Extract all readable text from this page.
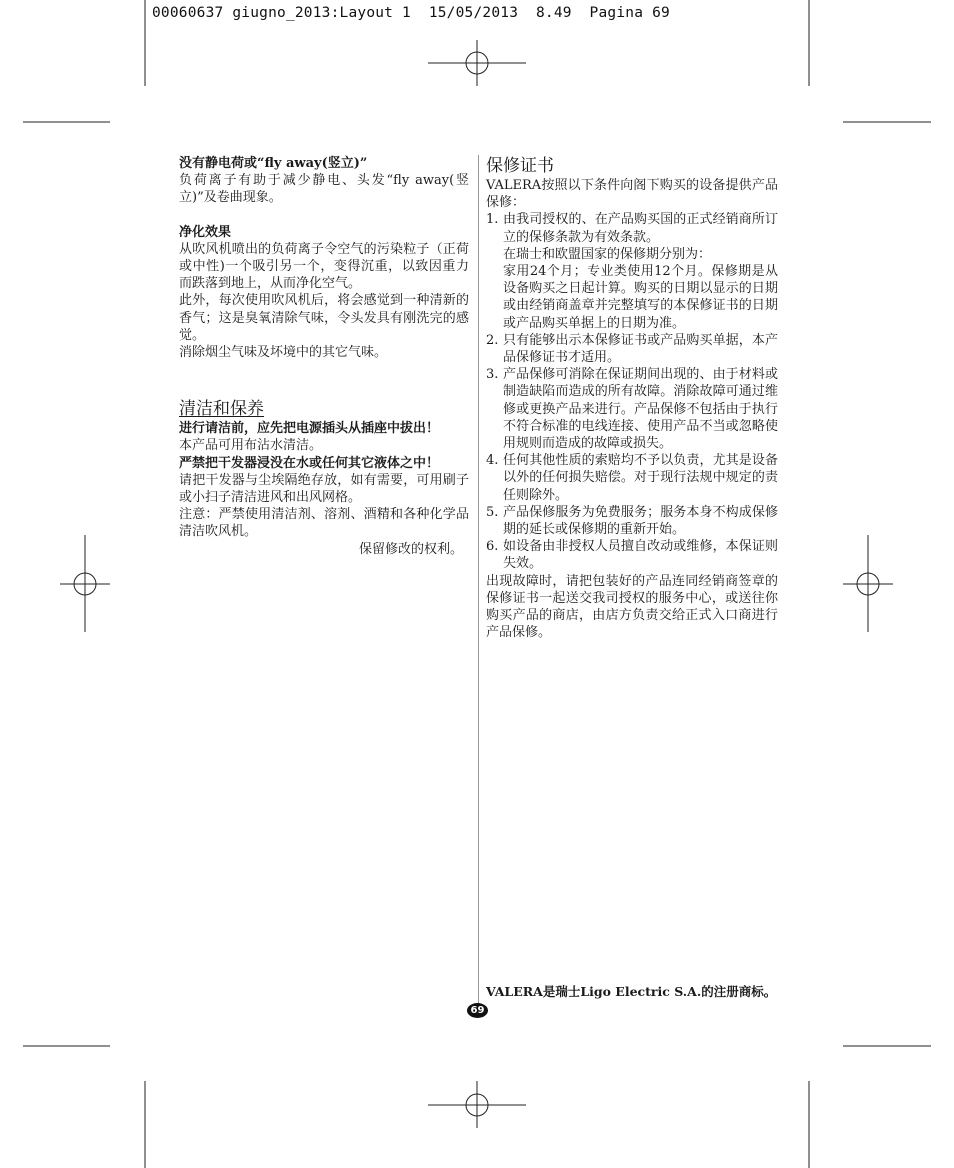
00060637 giugno_2013:Layout 1  15/05/2013  8.49  Pagina 69

没有静电荷或“fly away(竖立)”

负荷离子有助于减少静电、头发“fly away(竖立)”及卷曲现象。

净化效果

从吹风机喷出的负荷离子令空气的污染粒子（正荷或中性)一个吸引另一个，变得沉重，以致因重力而跌落到地上，从而净化空气。

此外，每次使用吹风机后，将会感觉到一种清新的香气；这是臭氧清除气味，令头发具有刚洗完的感觉。

消除烟尘气味及坏境中的其它气味。

清洁和保养

进行请洁前，应先把电源插头从插座中拔出！

本产品可用布沾水清洁。

严禁把干发器浸没在水或任何其它液体之中！

请把干发器与尘埃隔绝存放，如有需要，可用刷子或小扫子清洁进风和出风网格。

注意：严禁使用清洁剂、溶剂、酒精和各种化学品清洁吹风机。

保留修改的权利。

保修证书

VALERA按照以下条件向阁下购买的设备提供产品保修：

1. 由我司授权的、在产品购买国的正式经销商所订立的保修条款为有效条款。
在瑞士和欧盟国家的保修期分别为：
家用24个月；专业类使用12个月。保修期是从设备购买之日起计算。购买的日期以显示的日期或由经销商盖章并完整填写的本保修证书的日期或产品购买单据上的日期为准。
2. 只有能够出示本保修证书或产品购买单据，本产品保修证书才适用。
3. 产品保修可消除在保证期间出现的、由于材料或制造缺陷而造成的所有故障。消除故障可通过维修或更换产品来进行。产品保修不包括由于执行不符合标准的电线连接、使用产品不当或忽略使用规则而造成的故障或损失。
4. 任何其他性质的索赔均不予以负责，尤其是设备以外的任何损失赔偿。对于现行法规中规定的责任则除外。
5. 产品保修服务为免费服务；服务本身不构成保修期的延长或保修期的重新开始。
6. 如设备由非授权人员擅自改动或维修，本保证则失效。

出现故障时，请把包装好的产品连同经销商签章的保修证书一起送交我司授权的服务中心，或送往你购买产品的商店，由店方负责交给正式入口商进行产品保修。

VALERA是瑞士Ligo Electric S.A.的注册商标。
69
